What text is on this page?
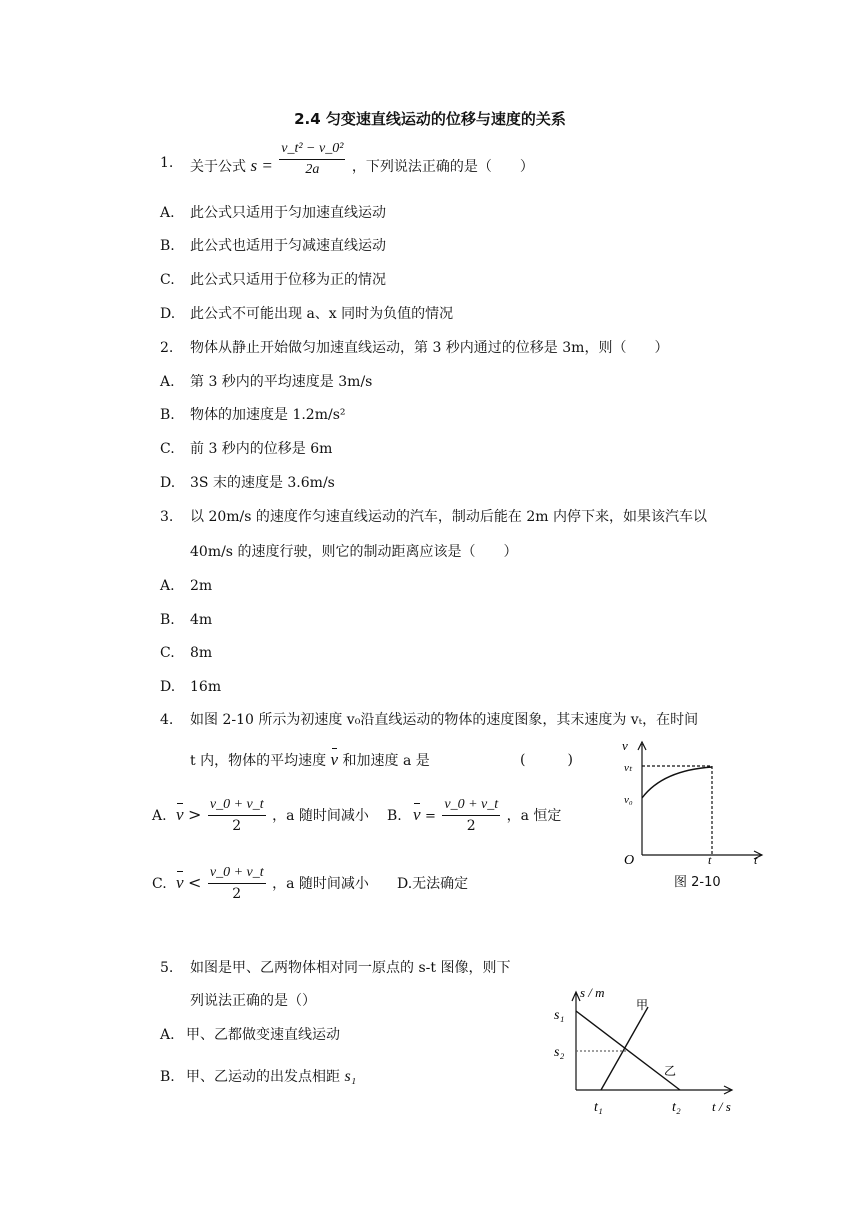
2.4 匀变速直线运动的位移与速度的关系
1. 关于公式 $s = \frac{\text{v\_t² − v\_0²}}{2a}$ ，下列说法正确的是（　　）
A. 此公式只适用于匀加速直线运动
B. 此公式也适用于匀减速直线运动
C. 此公式只适用于位移为正的情况
D. 此公式不可能出现 a、x 同时为负值的情况
2. 物体从静止开始做匀加速直线运动，第 3 秒内通过的位移是 3m，则（　　）
A. 第 3 秒内的平均速度是 3m/s
B. 物体的加速度是 1.2m/s²
C. 前 3 秒内的位移是 6m
D. 3S 末的速度是 3.6m/s
3. 以 20m/s 的速度作匀速直线运动的汽车，制动后能在 2m 内停下来，如果该汽车以
40m/s 的速度行驶，则它的制动距离应该是（　　）
A. 2m
B. 4m
C. 8m
D. 16m
4. 如图 2-10 所示为初速度 v₀沿直线运动的物体的速度图象，其末速度为 vₜ，在时间
t 内，物体的平均速度 v 和加速度 a 是	(　　　)
A. $v > \frac{v\_0 + v\_t}{2}$ ，a 随时间减小 B. $v = \frac{v\_0 + v\_t}{2}$ ，a 恒定
C. $v < \frac{v\_0 + v\_t}{2}$ ，a 随时间减小 D.无法确定
v
vₜ
v₀
O	t	t
图 2-10
5. 如图是甲、乙两物体相对同一原点的 s-t 图像，则下
列说法正确的是（）
A. 甲、乙都做变速直线运动
B. 甲、乙运动的出发点相距 s₁
s / m
s₁
s₂
t₁	t₂ t / s
甲
乙
